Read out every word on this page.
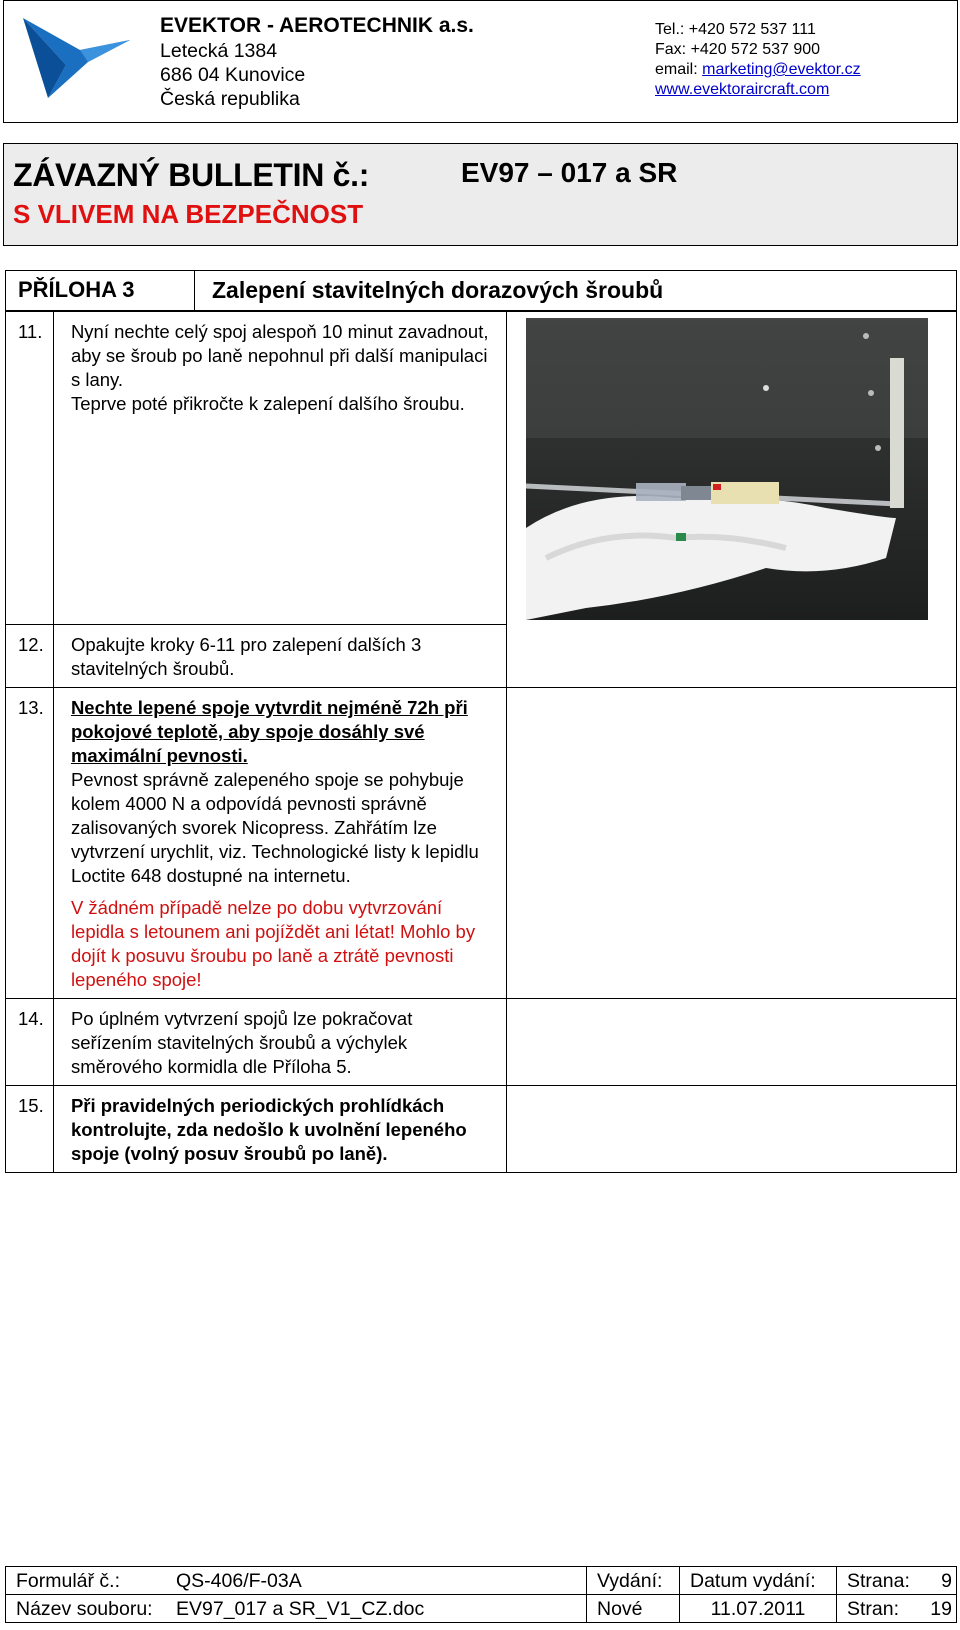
EVEKTOR - AEROTECHNIK a.s.
Letecká 1384
686 04 Kunovice
Česká republika
Tel.: +420 572 537 111
Fax: +420 572 537 900
email: marketing@evektor.cz
www.evektoraircraft.com
ZÁVAZNÝ BULLETIN č.:
S VLIVEM NA BEZPEČNOST
EV97 – 017 a SR
PŘÍLOHA 3	Zalepení stavitelných dorazových šroubů
11.	Nyní nechte celý spoj alespoň 10 minut zavadnout, aby se šroub po laně nepohnul při další manipulaci s lany.
Teprve poté přikročte k zalepení dalšího šroubu.

12.	Opakujte kroky 6-11 pro zalepení dalších 3 stavitelných šroubů.	
13.	Nechte lepené spoje vytvrdit nejméně 72h při pokojové teplotě, aby spoje dosáhly své maximální pevnosti.
Pevnost správně zalepeného spoje se pohybuje kolem 4000 N a odpovídá pevnosti správně zalisovaných svorek Nicopress. Zahřátím lze vytvrzení urychlit, viz. Technologické listy k lepidlu Loctite 648 dostupné na internetu.
V žádném případě nelze po dobu vytvrzování lepidla s letounem ani pojíždět ani létat! Mohlo by dojít k posuvu šroubu po laně a ztrátě pevnosti lepeného spoje!	

14.	Po úplném vytvrzení spojů lze pokračovat seřízením stavitelných šroubů a výchylek směrového kormidla dle Příloha 5.	
15.	Při pravidelných periodických prohlídkách kontrolujte, zda nedošlo k uvolnění lepeného spoje (volný posuv šroubů po laně).	
Formulář č.:	QS-406/F-03A	Vydání:	Datum vydání:	Strana:	9
Název souboru:	EV97_017 a SR_V1_CZ.doc	Nové	11.07.2011	Stran:	19
